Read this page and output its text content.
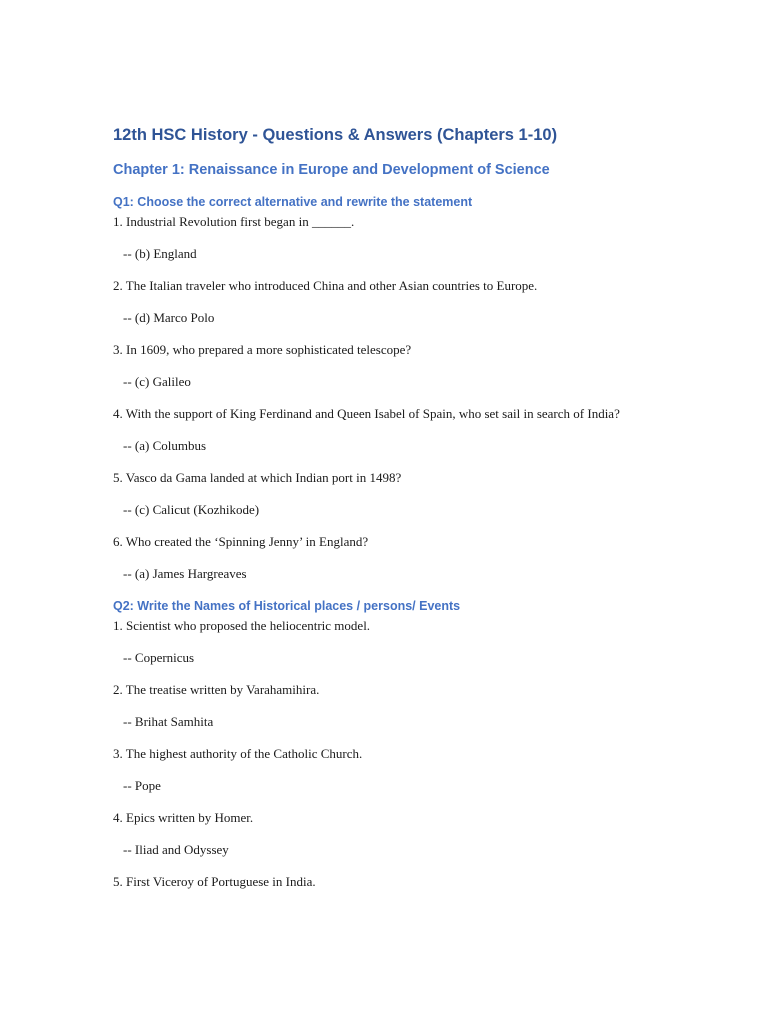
12th HSC History - Questions & Answers (Chapters 1-10)
Chapter 1: Renaissance in Europe and Development of Science
Q1: Choose the correct alternative and rewrite the statement

1. Industrial Revolution first began in ______.

-- (b) England

2. The Italian traveler who introduced China and other Asian countries to Europe.

-- (d) Marco Polo

3. In 1609, who prepared a more sophisticated telescope?

-- (c) Galileo

4. With the support of King Ferdinand and Queen Isabel of Spain, who set sail in search of India?

-- (a) Columbus

5. Vasco da Gama landed at which Indian port in 1498?

-- (c) Calicut (Kozhikode)

6. Who created the ‘Spinning Jenny’ in England?

-- (a) James Hargreaves

Q2: Write the Names of Historical places / persons/ Events

1. Scientist who proposed the heliocentric model.

-- Copernicus

2. The treatise written by Varahamihira.

-- Brihat Samhita

3. The highest authority of the Catholic Church.

-- Pope

4. Epics written by Homer.

-- Iliad and Odyssey

5. First Viceroy of Portuguese in India.
